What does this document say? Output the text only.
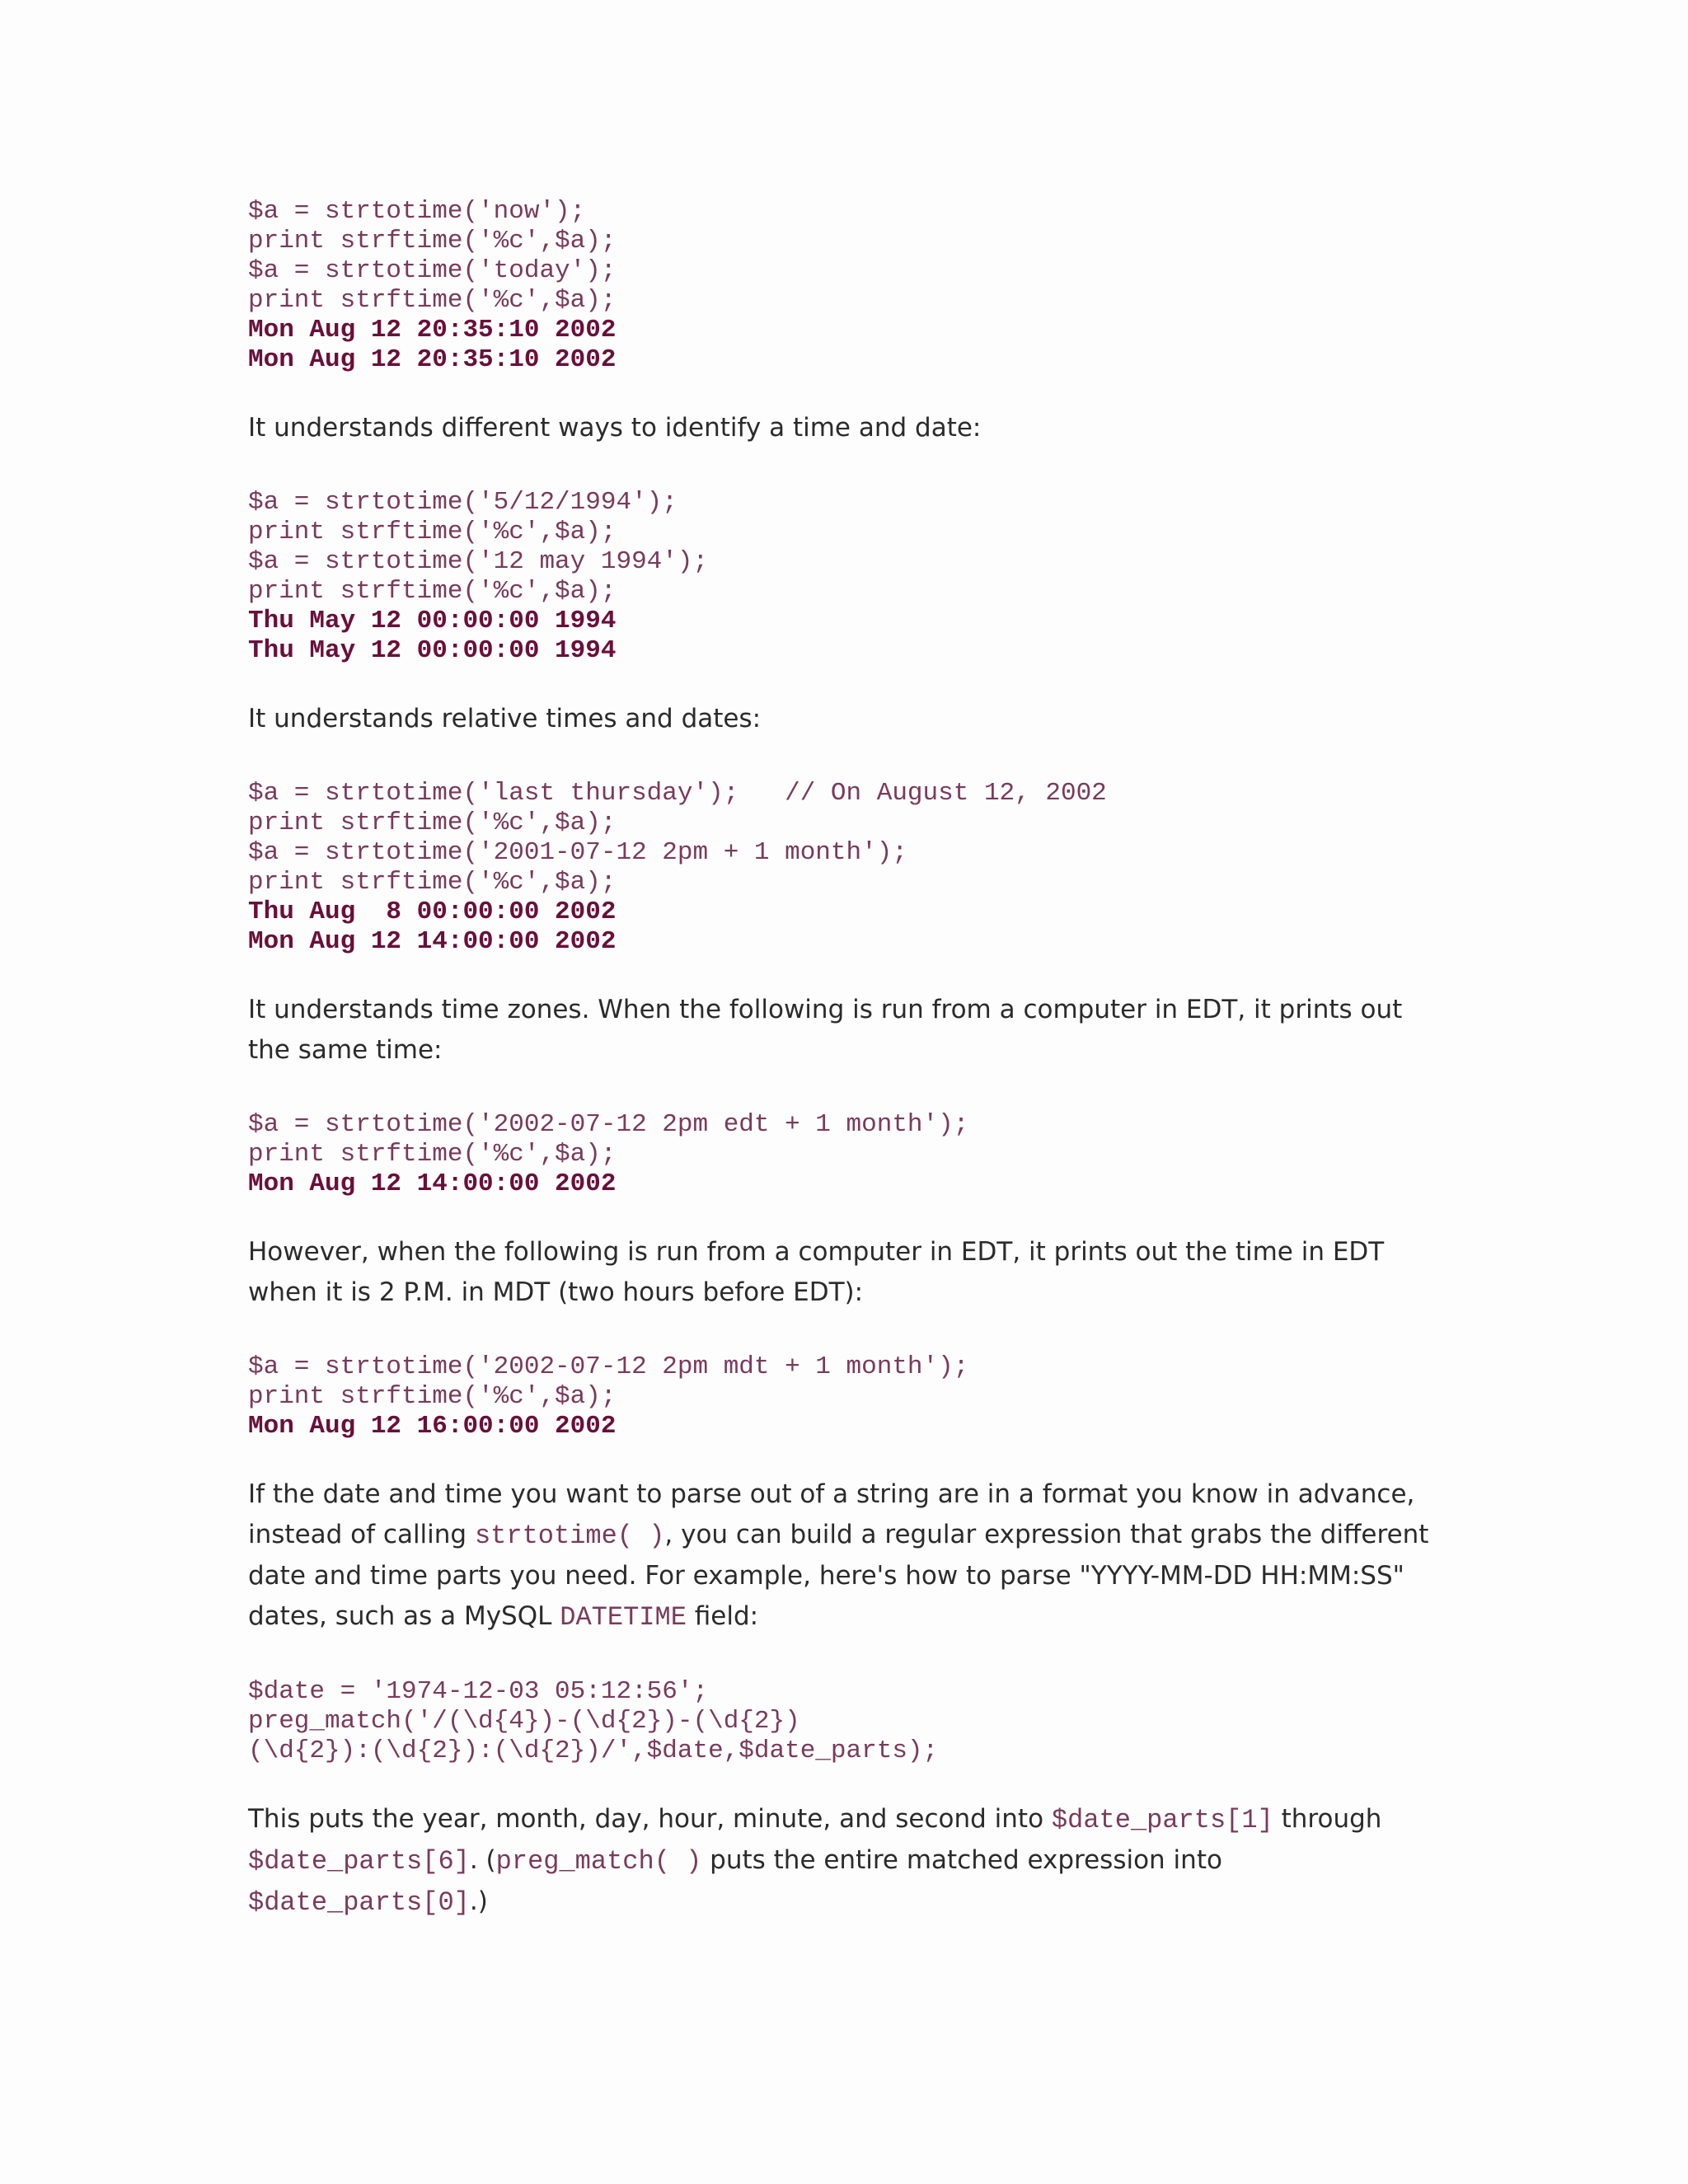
$a = strtotime('now');
print strftime('%c',$a);
$a = strtotime('today');
print strftime('%c',$a);
Mon Aug 12 20:35:10 2002
Mon Aug 12 20:35:10 2002

It understands different ways to identify a time and date:

$a = strtotime('5/12/1994');
print strftime('%c',$a);
$a = strtotime('12 may 1994');
print strftime('%c',$a);
Thu May 12 00:00:00 1994
Thu May 12 00:00:00 1994

It understands relative times and dates:

$a = strtotime('last thursday');   // On August 12, 2002
print strftime('%c',$a);
$a = strtotime('2001-07-12 2pm + 1 month');
print strftime('%c',$a);
Thu Aug  8 00:00:00 2002
Mon Aug 12 14:00:00 2002

It understands time zones. When the following is run from a computer in EDT, it prints out the same time:

$a = strtotime('2002-07-12 2pm edt + 1 month');
print strftime('%c',$a);
Mon Aug 12 14:00:00 2002

However, when the following is run from a computer in EDT, it prints out the time in EDT when it is 2 P.M. in MDT (two hours before EDT):

$a = strtotime('2002-07-12 2pm mdt + 1 month');
print strftime('%c',$a);
Mon Aug 12 16:00:00 2002

If the date and time you want to parse out of a string are in a format you know in advance, instead of calling strtotime( ), you can build a regular expression that grabs the different date and time parts you need. For example, here's how to parse "YYYY-MM-DD HH:MM:SS" dates, such as a MySQL DATETIME field:

$date = '1974-12-03 05:12:56';
preg_match('/(\d{4})-(\d{2})-(\d{2})
(\d{2}):(\d{2}):(\d{2})/',$date,$date_parts);

This puts the year, month, day, hour, minute, and second into $date_parts[1] through $date_parts[6]. (preg_match( ) puts the entire matched expression into $date_parts[0].)
